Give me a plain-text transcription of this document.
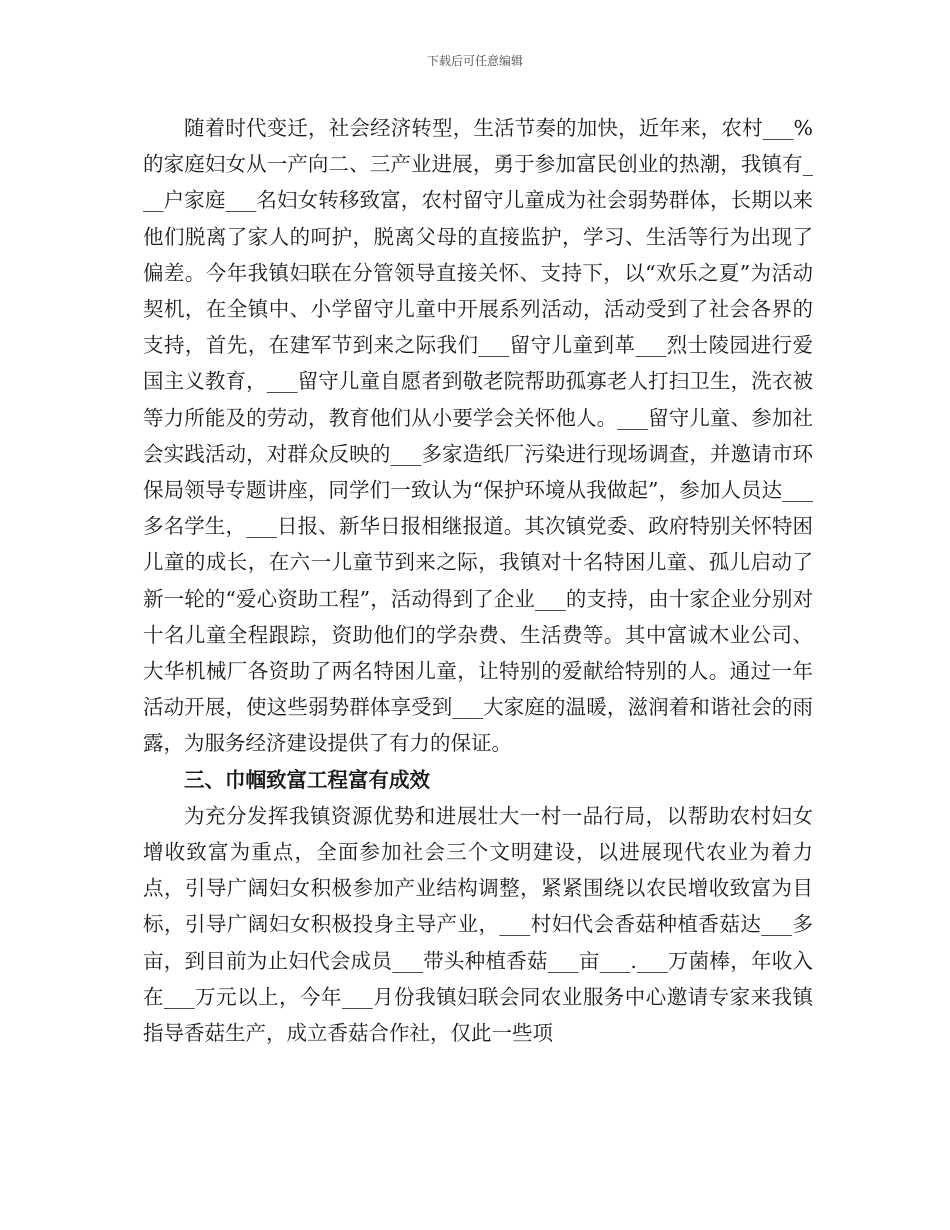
下载后可任意编辑

随着时代变迁，社会经济转型，生活节奏的加快，近年来，农村___%的家庭妇女从一产向二、三产业进展，勇于参加富民创业的热潮，我镇有___户家庭___名妇女转移致富，农村留守儿童成为社会弱势群体，长期以来他们脱离了家人的呵护，脱离父母的直接监护，学习、生活等行为出现了偏差。今年我镇妇联在分管领导直接关怀、支持下，以“欢乐之夏”为活动契机，在全镇中、小学留守儿童中开展系列活动，活动受到了社会各界的支持，首先，在建军节到来之际我们___留守儿童到革___烈士陵园进行爱国主义教育，___留守儿童自愿者到敬老院帮助孤寡老人打扫卫生，洗衣被等力所能及的劳动，教育他们从小要学会关怀他人。___留守儿童、参加社会实践活动，对群众反映的___多家造纸厂污染进行现场调查，并邀请市环保局领导专题讲座，同学们一致认为“保护环境从我做起”，参加人员达___多名学生，___日报、新华日报相继报道。其次镇党委、政府特别关怀特困儿童的成长，在六一儿童节到来之际，我镇对十名特困儿童、孤儿启动了新一轮的“爱心资助工程”，活动得到了企业___的支持，由十家企业分别对十名儿童全程跟踪，资助他们的学杂费、生活费等。其中富诚木业公司、大华机械厂各资助了两名特困儿童，让特别的爱献给特别的人。通过一年活动开展，使这些弱势群体享受到___大家庭的温暖，滋润着和谐社会的雨露，为服务经济建设提供了有力的保证。

三、巾帼致富工程富有成效

为充分发挥我镇资源优势和进展壮大一村一品行局，以帮助农村妇女增收致富为重点，全面参加社会三个文明建设，以进展现代农业为着力点，引导广阔妇女积极参加产业结构调整，紧紧围绕以农民增收致富为目标，引导广阔妇女积极投身主导产业，___村妇代会香菇种植香菇达___多亩，到目前为止妇代会成员___带头种植香菇___亩___.___万菌棒，年收入在___万元以上，今年___月份我镇妇联会同农业服务中心邀请专家来我镇指导香菇生产，成立香菇合作社，仅此一些项
